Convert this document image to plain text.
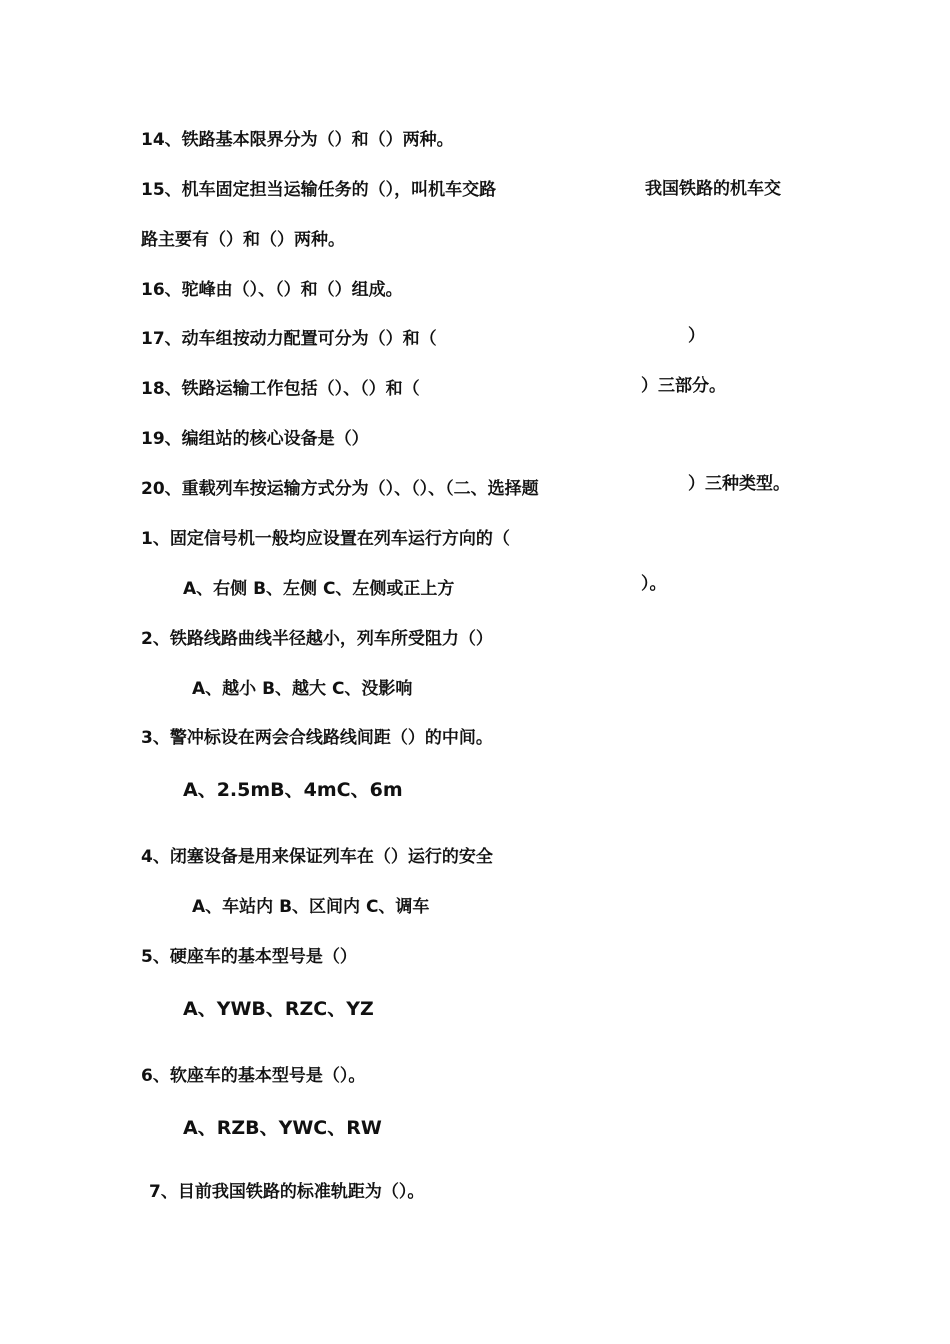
14、铁路基本限界分为（）和（）两种。
15、机车固定担当运输任务的（），叫机车交路	我国铁路的机车交
路主要有（）和（）两种。
16、驼峰由（）、（）和（）组成。
17、动车组按动力配置可分为（）和（	）
18、铁路运输工作包括（）、（）和（	）三部分。
19、编组站的核心设备是（）
20、重载列车按运输方式分为（）、（）、（二、选择题	）三种类型。
1、固定信号机一般均应设置在列车运行方向的（
A、右侧 B、左侧 C、左侧或正上方	）。
2、铁路线路曲线半径越小，列车所受阻力（）
A、越小 B、越大 C、没影响
3、警冲标设在两会合线路线间距（）的中间。
A、2.5mB、4mC、6m
4、闭塞设备是用来保证列车在（）运行的安全
A、车站内 B、区间内 C、调车
5、硬座车的基本型号是（）
A、YWB、RZC、YZ
6、软座车的基本型号是（）。
A、RZB、YWC、RW
7、目前我国铁路的标准轨距为（）。
